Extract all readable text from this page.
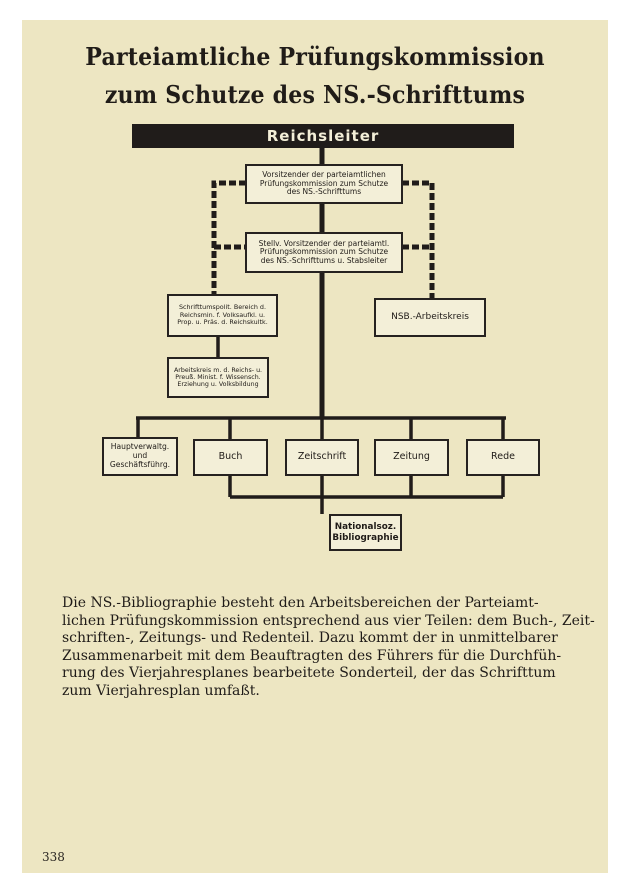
Parteiamtliche Prüfungskommission
zum Schutze des NS.-Schrifttums
Reichsleiter
Vorsitzender der parteiamtlichen
Prüfungskommission zum Schutze
des NS.-Schrifttums
Stellv. Vorsitzender der parteiamtl.
Prüfungskommission zum Schutze
des NS.-Schrifttums u. Stabsleiter
Schrifttumspolit. Bereich d.
Reichsmin. f. Volksaufkl. u.
Prop. u. Präs. d. Reichskultk.
Arbeitskreis m. d. Reichs- u.
Preuß. Minist. f. Wissensch.
Erziehung u. Volksbildung
NSB.-Arbeitskreis
Hauptverwaltg.
und
Geschäftsführg.
Buch	Zeitschrift	Zeitung	Rede
Nationalsoz.
Bibliographie
Die NS.-Bibliographie besteht den Arbeitsbereichen der Parteiamt-
lichen Prüfungskommission entsprechend aus vier Teilen: dem Buch-, Zeit-
schriften-, Zeitungs- und Redenteil. Dazu kommt der in unmittelbarer
Zusammenarbeit mit dem Beauftragten des Führers für die Durchfüh-
rung des Vierjahresplanes bearbeitete Sonderteil, der das Schrifttum
zum Vierjahresplan umfaßt.
338
